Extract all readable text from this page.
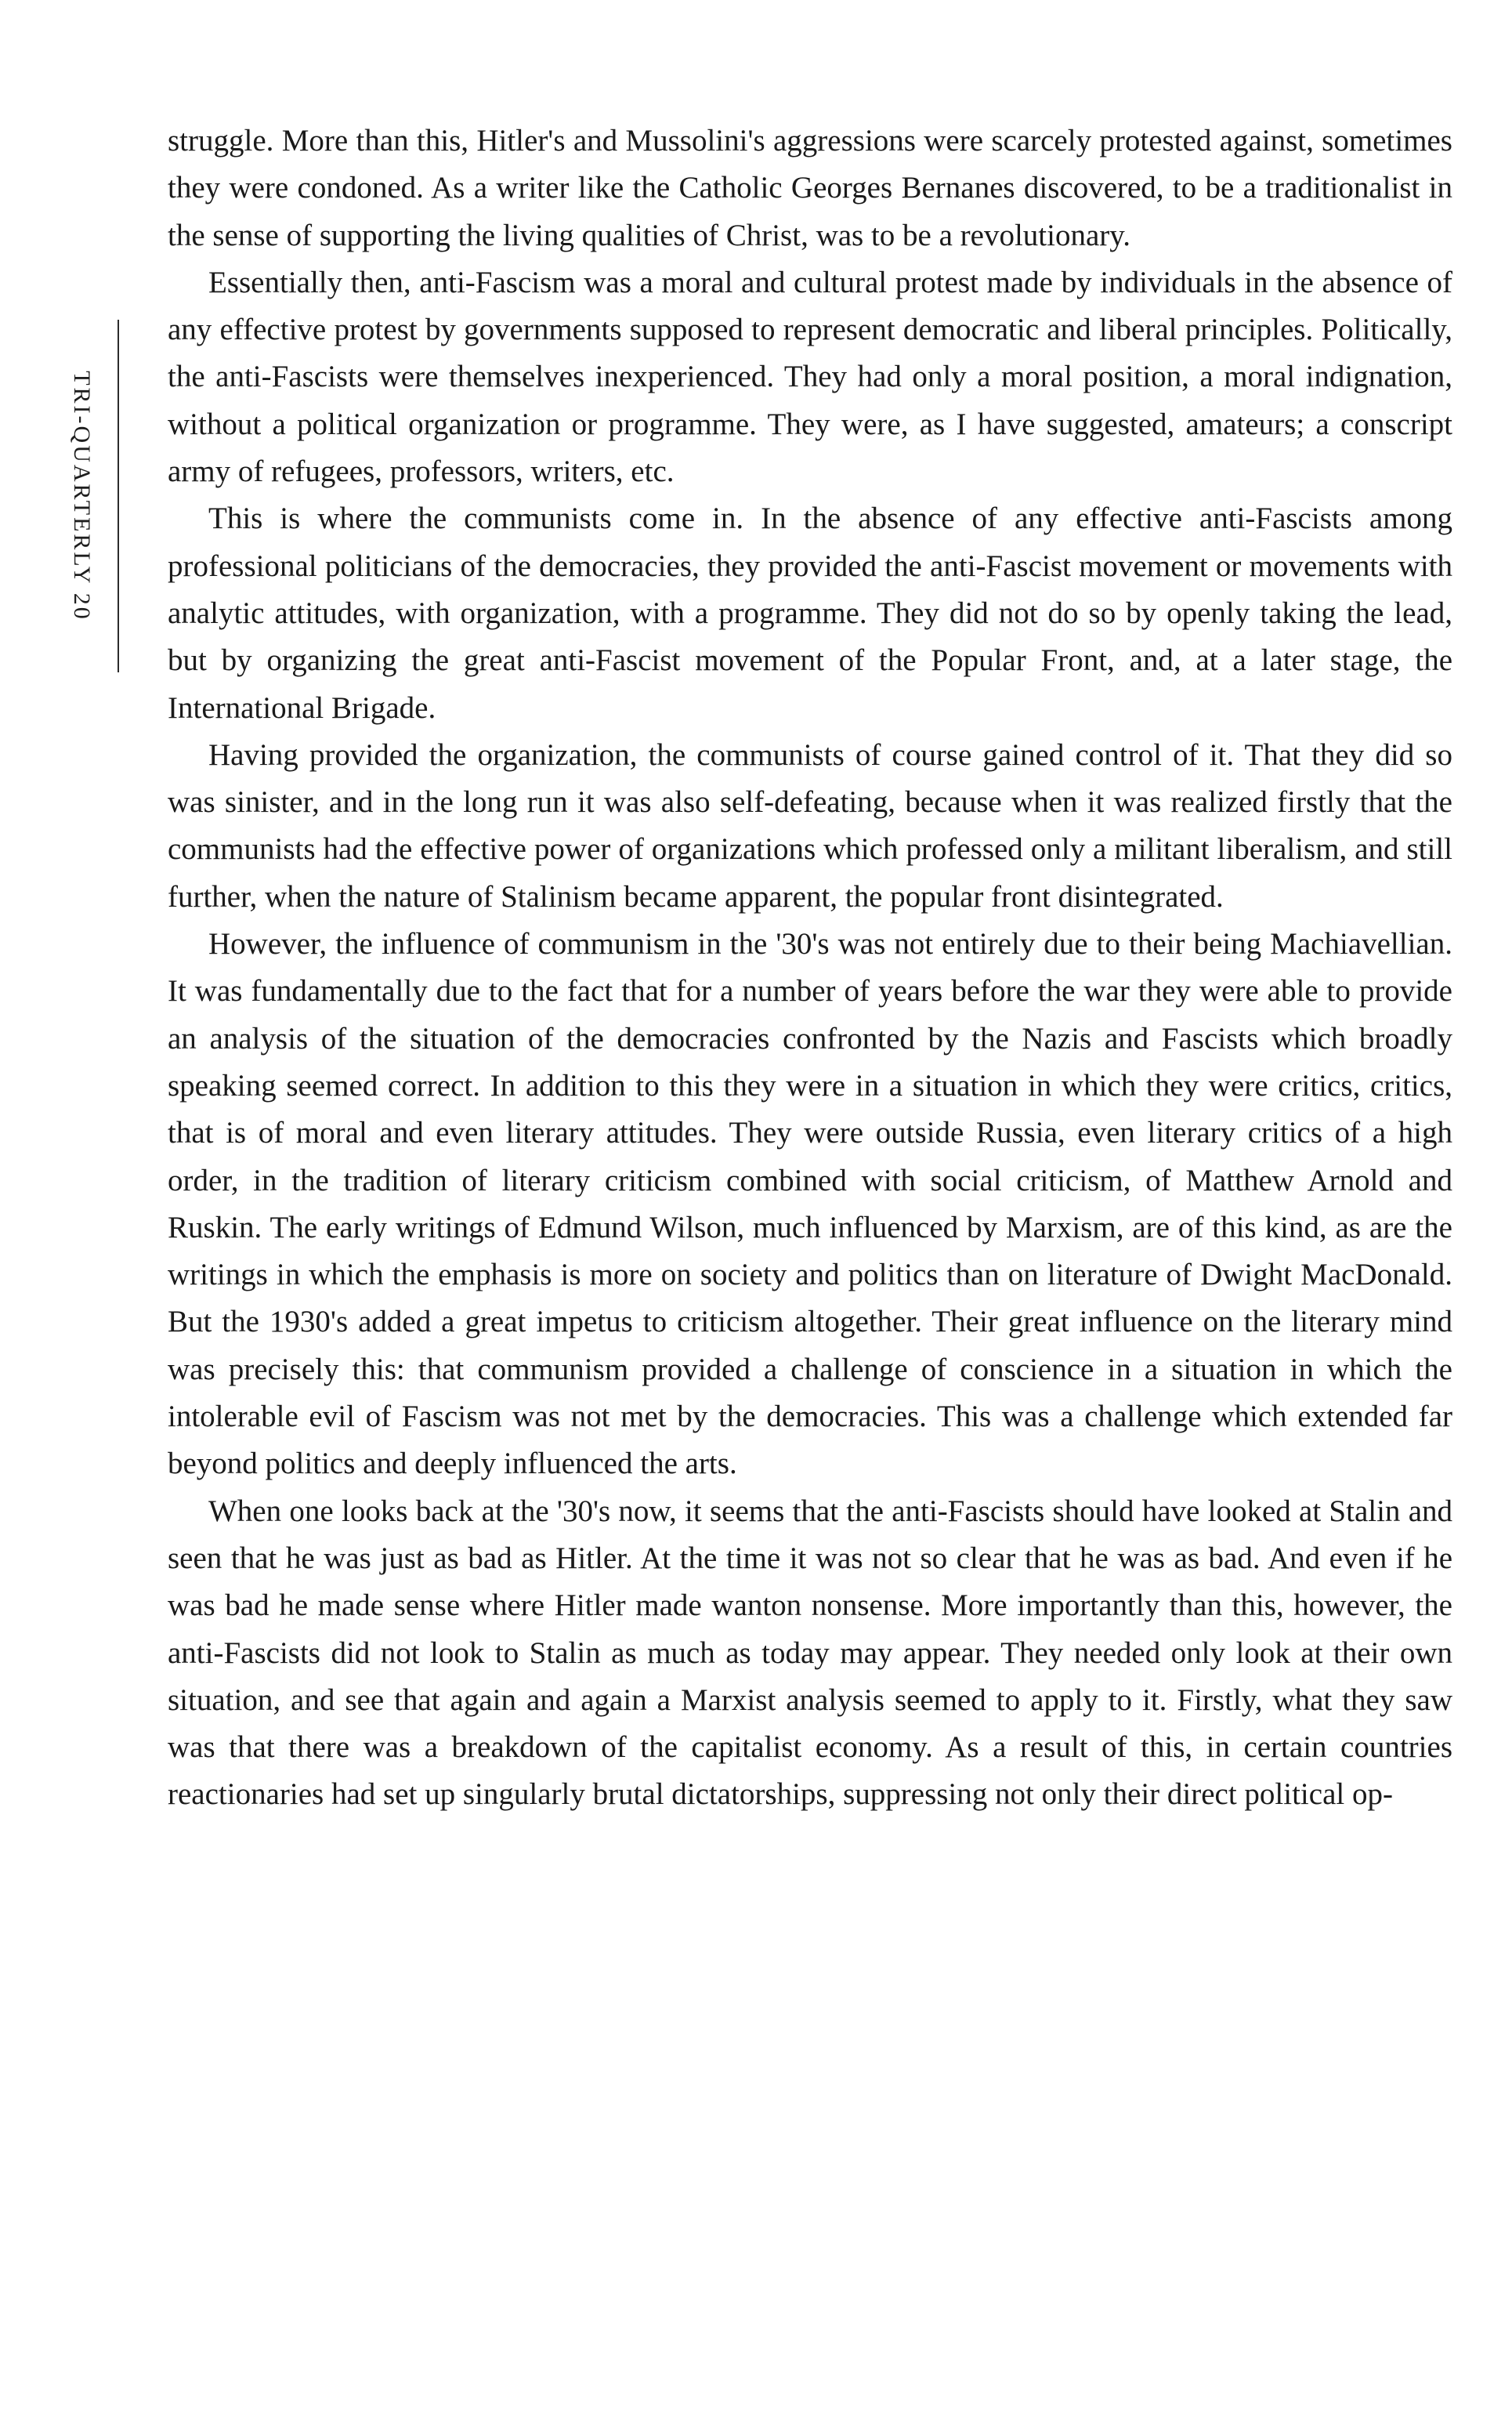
TRI-QUARTERLY 20

struggle. More than this, Hitler's and Mussolini's aggressions were scarcely protested against, sometimes they were condoned. As a writer like the Catholic Georges Bernanes discovered, to be a traditionalist in the sense of supporting the living qualities of Christ, was to be a revolutionary.

Essentially then, anti-Fascism was a moral and cultural protest made by individuals in the absence of any effective protest by governments supposed to represent democratic and liberal principles. Politically, the anti-Fascists were themselves inexperienced. They had only a moral position, a moral indignation, without a political organization or programme. They were, as I have suggested, amateurs; a conscript army of refugees, professors, writers, etc.

This is where the communists come in. In the absence of any effective anti-Fascists among professional politicians of the democracies, they provided the anti-Fascist movement or movements with analytic attitudes, with organization, with a programme. They did not do so by openly taking the lead, but by organizing the great anti-Fascist movement of the Popular Front, and, at a later stage, the International Brigade.

Having provided the organization, the communists of course gained control of it. That they did so was sinister, and in the long run it was also self-defeating, because when it was realized firstly that the communists had the effective power of organizations which professed only a militant liberalism, and still further, when the nature of Stalinism became apparent, the popular front disintegrated.

However, the influence of communism in the '30's was not entirely due to their being Machiavellian. It was fundamentally due to the fact that for a number of years before the war they were able to provide an analysis of the situation of the democracies confronted by the Nazis and Fascists which broadly speaking seemed correct. In addition to this they were in a situation in which they were critics, critics, that is of moral and even literary attitudes. They were outside Russia, even literary critics of a high order, in the tradition of literary criticism combined with social criticism, of Matthew Arnold and Ruskin. The early writings of Edmund Wilson, much influenced by Marxism, are of this kind, as are the writings in which the emphasis is more on society and politics than on literature of Dwight MacDonald. But the 1930's added a great impetus to criticism altogether. Their great influence on the literary mind was precisely this: that communism provided a challenge of conscience in a situation in which the intolerable evil of Fascism was not met by the democracies. This was a challenge which extended far beyond politics and deeply influenced the arts.

When one looks back at the '30's now, it seems that the anti-Fascists should have looked at Stalin and seen that he was just as bad as Hitler. At the time it was not so clear that he was as bad. And even if he was bad he made sense where Hitler made wanton nonsense. More importantly than this, however, the anti-Fascists did not look to Stalin as much as today may appear. They needed only look at their own situation, and see that again and again a Marxist analysis seemed to apply to it. Firstly, what they saw was that there was a breakdown of the capitalist economy. As a result of this, in certain countries reactionaries had set up singularly brutal dictatorships, suppressing not only their direct political op-
